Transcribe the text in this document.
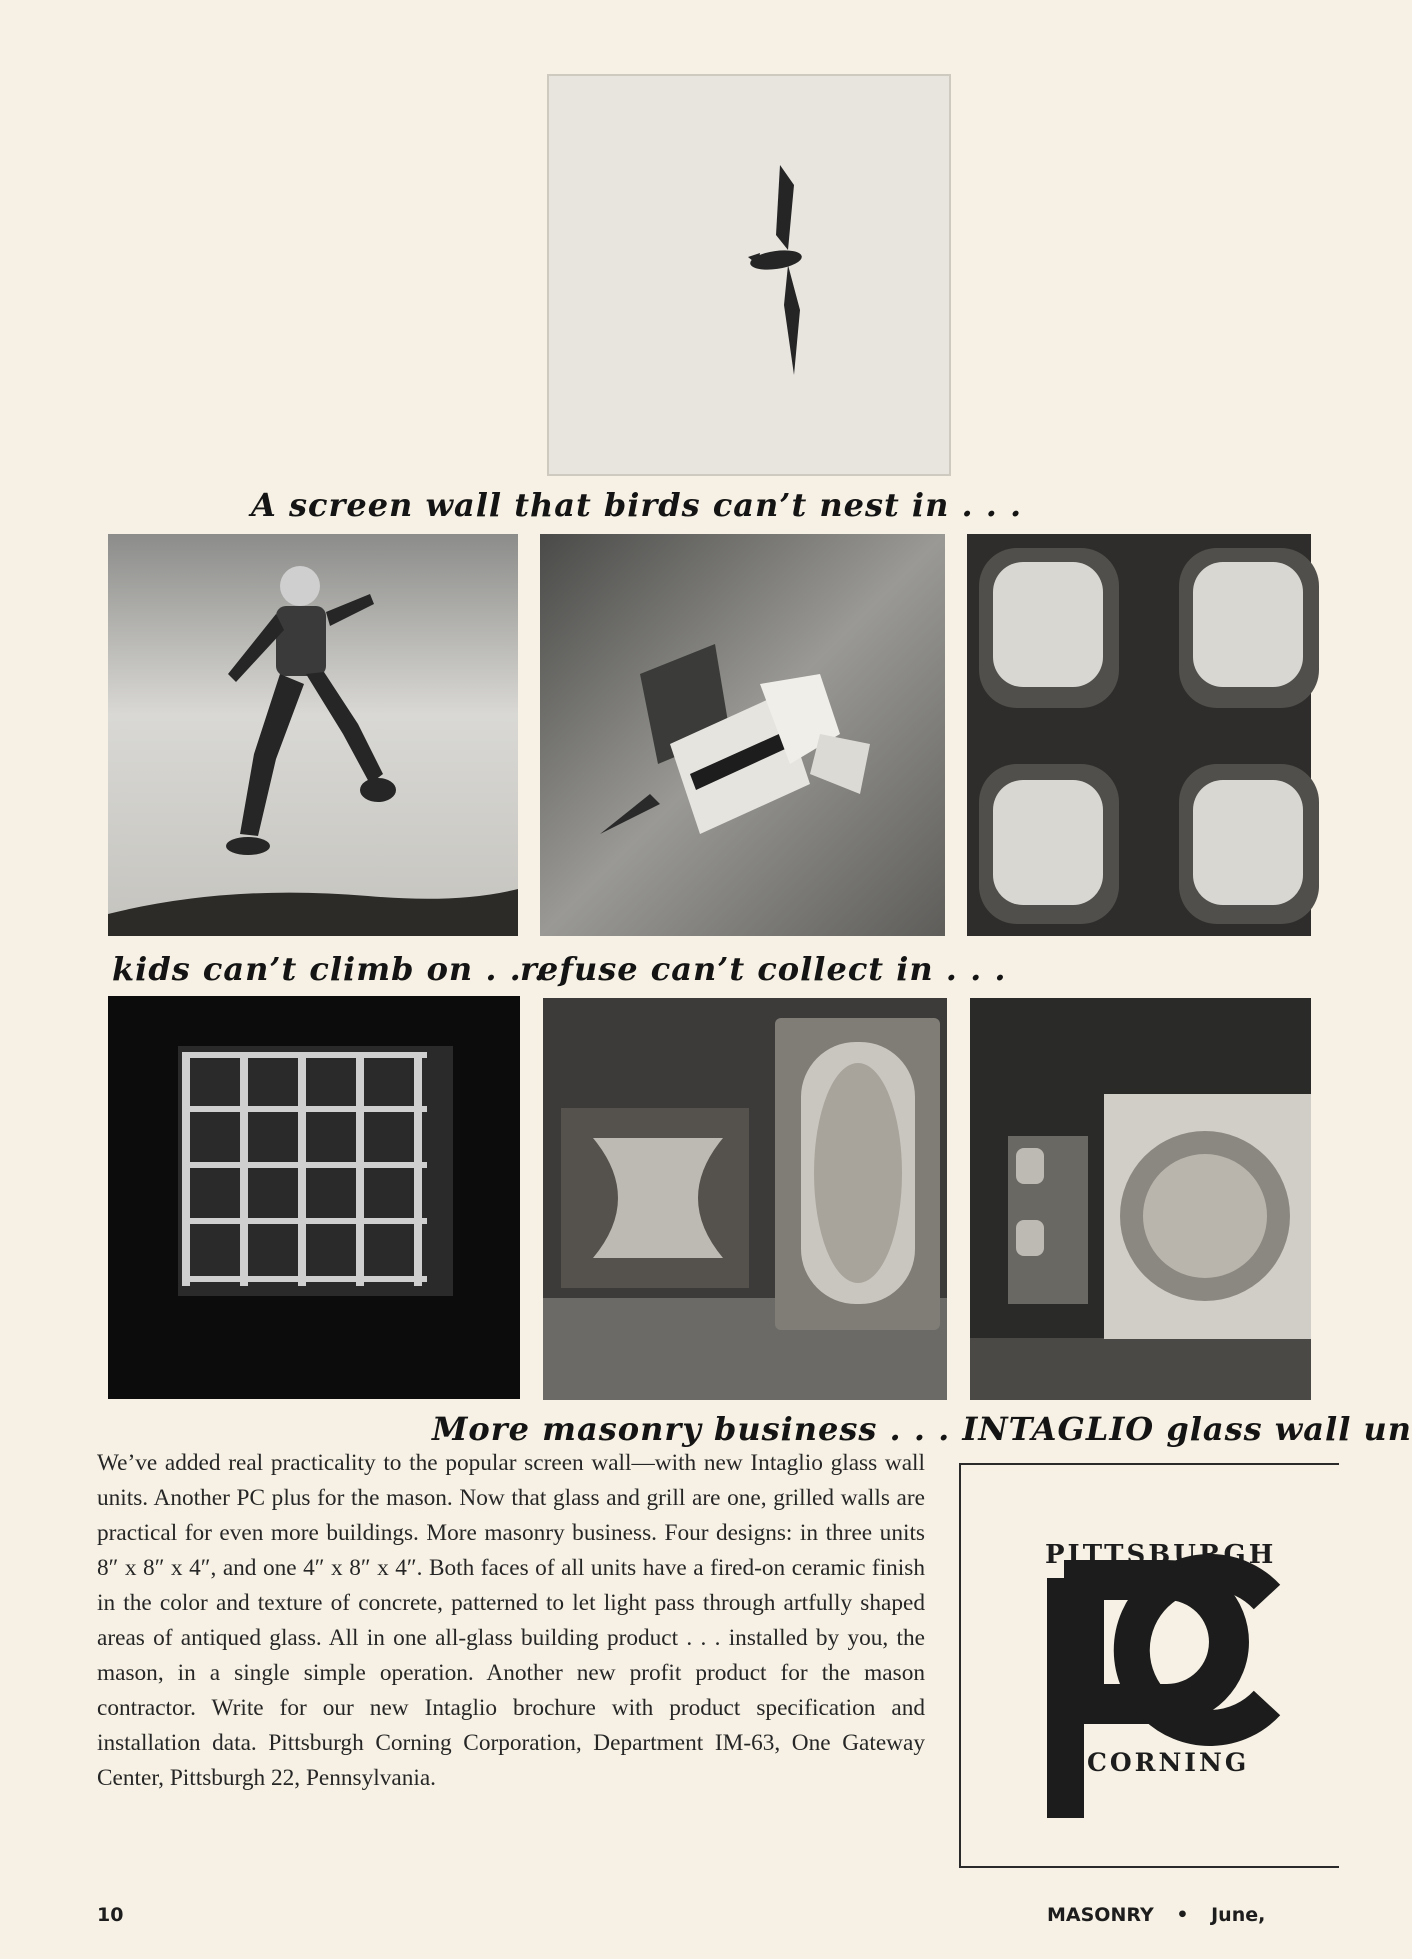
A screen wall that birds can’t nest in . . .

kids can’t climb on . . .

refuse can’t collect in . . .

More masonry business . . . INTAGLIO glass wall un

We’ve added real practicality to the popular screen wall—with new Intaglio glass wall units. Another PC plus for the mason. Now that glass and grill are one, grilled walls are practical for even more buildings. More masonry business. Four designs: in three units 8″ x 8″ x 4″, and one 4″ x 8″ x 4″. Both faces of all units have a fired-on ceramic finish in the color and texture of concrete, patterned to let light pass through artfully shaped areas of antiqued glass. All in one all-glass building product . . . installed by you, the mason, in a single simple operation. Another new profit product for the mason contractor. Write for our new Intaglio brochure with product specification and installation data. Pittsburgh Corning Corporation, Department IM-63, One Gateway Center, Pittsburgh 22, Pennsylvania.

PITTSBURGH
®
CORNING
10	MASONRY • June,
